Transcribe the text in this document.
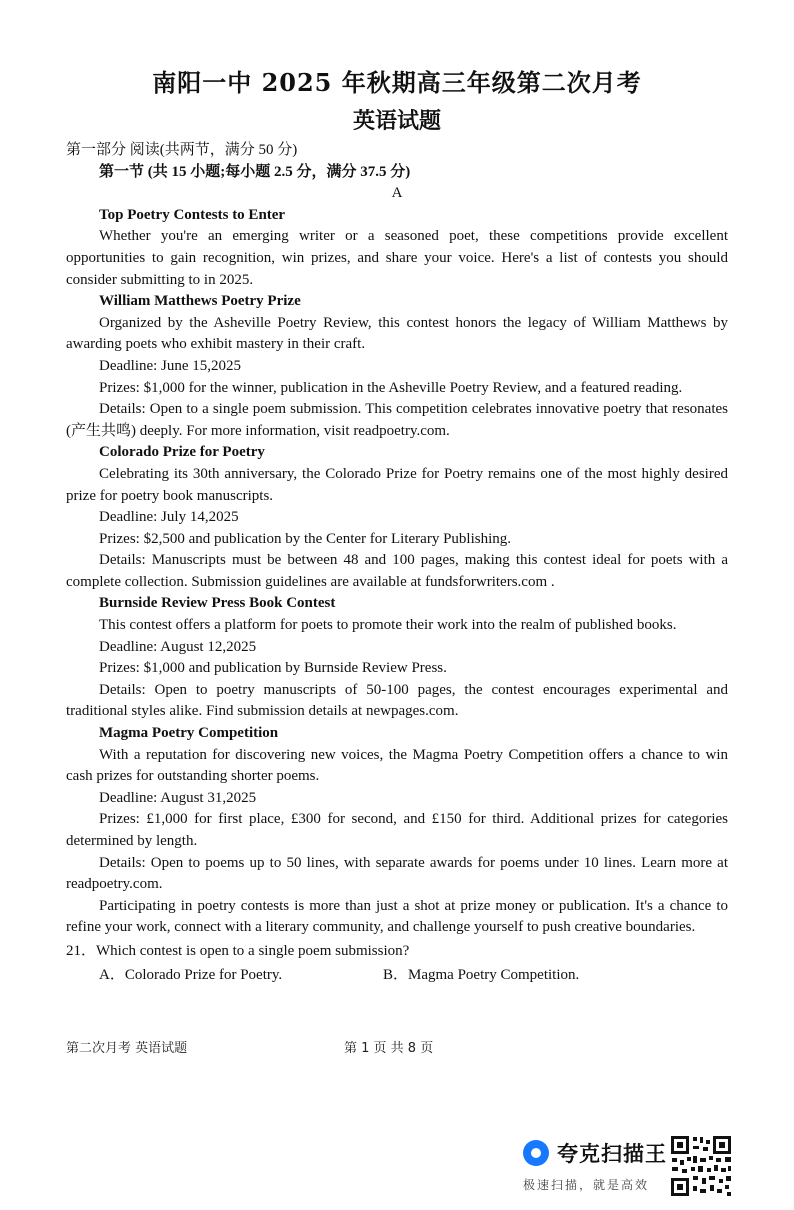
南阳一中 2025 年秋期高三年级第二次月考
英语试题

第一部分 阅读(共两节，满分 50 分)

第一节 (共 15 小题;每小题 2.5 分，满分 37.5 分)

A

Top Poetry Contests to Enter

Whether you're an emerging writer or a seasoned poet, these competitions provide excellent opportunities to gain recognition, win prizes, and share your voice. Here's a list of contests you should consider submitting to in 2025.

William Matthews Poetry Prize

Organized by the Asheville Poetry Review, this contest honors the legacy of William Matthews by awarding poets who exhibit mastery in their craft.

Deadline: June 15,2025

Prizes: $1,000 for the winner, publication in the Asheville Poetry Review, and a featured reading.

Details: Open to a single poem submission. This competition celebrates innovative poetry that resonates (产生共鸣) deeply. For more information, visit readpoetry.com.

Colorado Prize for Poetry

Celebrating its 30th anniversary, the Colorado Prize for Poetry remains one of the most highly desired prize for poetry book manuscripts.

Deadline: July 14,2025

Prizes: $2,500 and publication by the Center for Literary Publishing.

Details: Manuscripts must be between 48 and 100 pages, making this contest ideal for poets with a complete collection. Submission guidelines are available at fundsforwriters.com .

Burnside Review Press Book Contest

This contest offers a platform for poets to promote their work into the realm of published books.

Deadline: August 12,2025

Prizes: $1,000 and publication by Burnside Review Press.

Details: Open to poetry manuscripts of 50-100 pages, the contest encourages experimental and traditional styles alike. Find submission details at newpages.com.

Magma Poetry Competition

With a reputation for discovering new voices, the Magma Poetry Competition offers a chance to win cash prizes for outstanding shorter poems.

Deadline: August 31,2025

Prizes: £1,000 for first place, £300 for second, and £150 for third. Additional prizes for categories determined by length.

Details: Open to poems up to 50 lines, with separate awards for poems under 10 lines. Learn more at readpoetry.com.

Participating in poetry contests is more than just a shot at prize money or publication. It's a chance to refine your work, connect with a literary community, and challenge yourself to push creative boundaries.

21．Which contest is open to a single poem submission?

A．Colorado Prize for Poetry.	B．Magma Poetry Competition.
第二次月考 英语试题	第 1 页 共 8 页
夸克扫描王
极速扫描，就是高效
